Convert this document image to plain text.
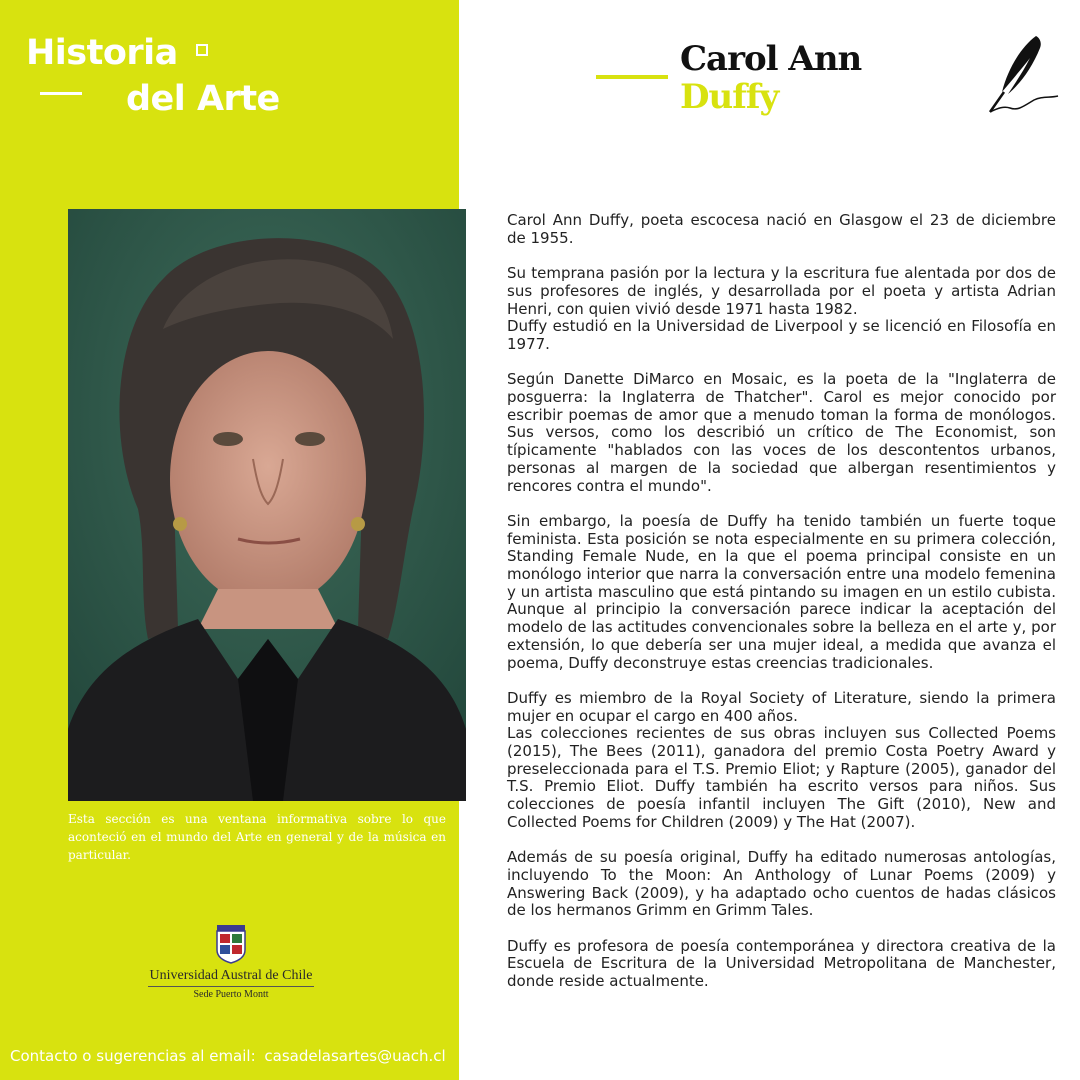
Historia
del Arte

Esta sección es una ventana informativa sobre lo que aconteció en el mundo del Arte en general y de la música en particular.

Universidad Austral de Chile
Sede Puerto Montt
Contacto o sugerencias al email: casadelasartes@uach.cl
Carol Ann
Duffy

Carol Ann Duffy, poeta escocesa nació en Glasgow el 23 de diciembre de 1955.

Su temprana pasión por la lectura y la escritura fue alentada por dos de sus profesores de inglés, y desarrollada por el poeta y artista Adrian Henri, con quien vivió desde 1971 hasta 1982.
Duffy estudió en la Universidad de Liverpool y se licenció en Filosofía en 1977.

Según Danette DiMarco en Mosaic, es la poeta de la "Inglaterra de posguerra: la Inglaterra de Thatcher". Carol es mejor conocido por escribir poemas de amor que a menudo toman la forma de monólogos. Sus versos, como los describió un crítico de The Economist, son típicamente "hablados con las voces de los descontentos urbanos, personas al margen de la sociedad que albergan resentimientos y rencores contra el mundo".

Sin embargo, la poesía de Duffy ha tenido también un fuerte toque feminista. Esta posición se nota especialmente en su primera colección, Standing Female Nude, en la que el poema principal consiste en un monólogo interior que narra la conversación entre una modelo femenina y un artista masculino que está pintando su imagen en un estilo cubista. Aunque al principio la conversación parece indicar la aceptación del modelo de las actitudes convencionales sobre la belleza en el arte y, por extensión, lo que debería ser una mujer ideal, a medida que avanza el poema, Duffy deconstruye estas creencias tradicionales.

Duffy es miembro de la Royal Society of Literature, siendo la primera mujer en ocupar el cargo en 400 años.
Las colecciones recientes de sus obras incluyen sus Collected Poems (2015), The Bees (2011), ganadora del premio Costa Poetry Award y preseleccionada para el T.S. Premio Eliot; y Rapture (2005), ganador del T.S. Premio Eliot. Duffy también ha escrito versos para niños. Sus colecciones de poesía infantil incluyen The Gift (2010), New and Collected Poems for Children (2009) y The Hat (2007).

Además de su poesía original, Duffy ha editado numerosas antologías, incluyendo To the Moon: An Anthology of Lunar Poems (2009) y Answering Back (2009), y ha adaptado ocho cuentos de hadas clásicos de los hermanos Grimm en Grimm Tales.

Duffy es profesora de poesía contemporánea y directora creativa de la Escuela de Escritura de la Universidad Metropolitana de Manchester, donde reside actualmente.
